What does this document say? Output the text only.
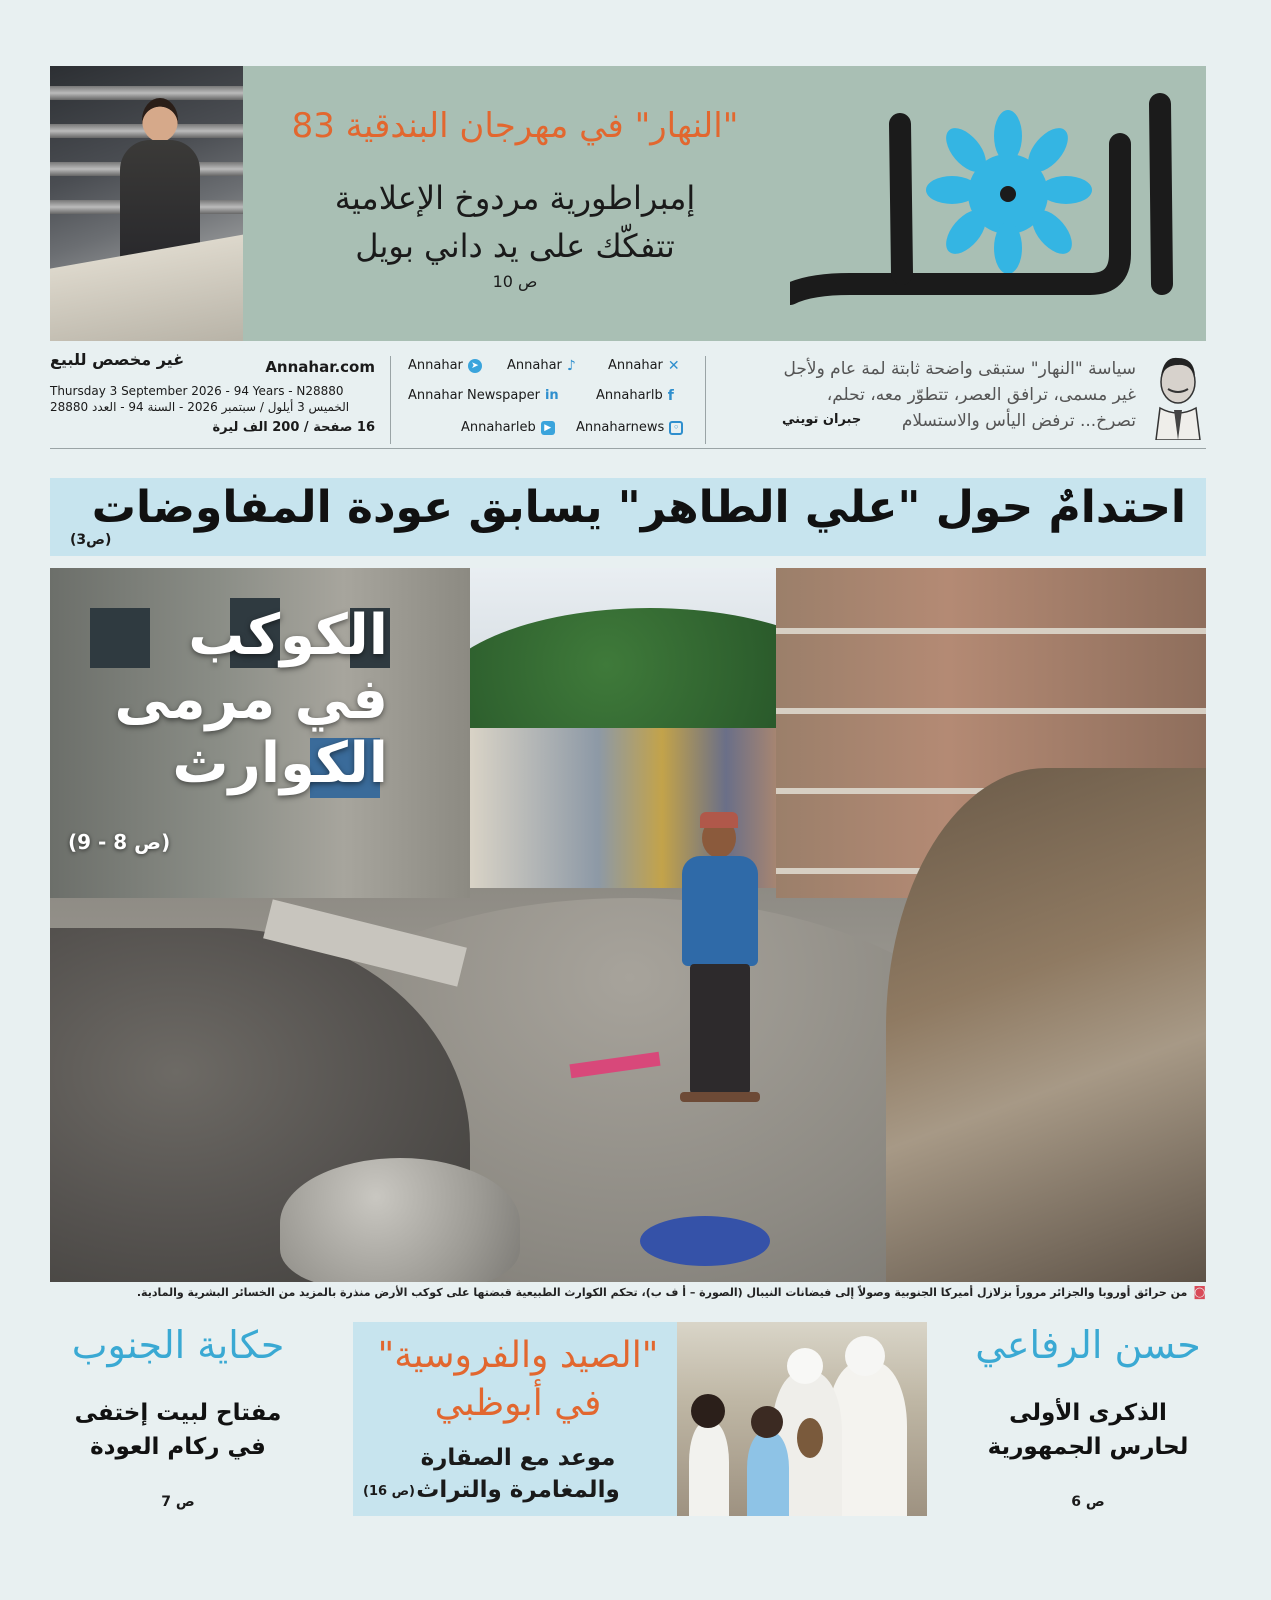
"النهار" في مهرجان البندقية 83
إمبراطورية مردوخ الإعلامية
تتفكّك على يد داني بويل
ص 10
غير مخصص للبيع	Annahar.com
Thursday 3 September 2026 - 94 Years - N28880
الخميس 3 أيلول / سبتمبر 2026 - السنة 94 - العدد 28880
16 صفحة / 200 الف ليرة
Annahar ➤ Annahar ♪ Annahar ✕
Annahar Newspaper in	Annaharlb f
Annaharleb ▶ Annaharnews	◦
سياسة "النهار" ستبقى واضحة ثابتة لمة عام ولأجل
غير مسمى، ترافق العصر، تتطوّر معه، تحلم،
تصرخ... ترفض اليأس والاستسلام
جبران تويني
احتدامٌ حول "علي الطاهر" يسابق عودة المفاوضات
(ص3)
الكوكب
في مرمى
الكوارث
(ص 8 - 9)
◙من حرائق أوروبا والجزائر مروراً بزلازل أميركا الجنوبية وصولاً إلى فيضانات النيبال (الصورة – أ ف ب)، تحكم الكوارث الطبيعية قبضتها على كوكب الأرض منذرة بالمزيد من الخسائر البشرية والمادية.
حسن الرفاعي
الذكرى الأولى
لحارس الجمهورية
ص 6
حكاية الجنوب
مفتاح لبيت إختفى
في ركام العودة
ص 7
"الصيد والفروسية"
في أبوظبي
موعد مع الصقارة
والمغامرة والتراث
(ص 16)
